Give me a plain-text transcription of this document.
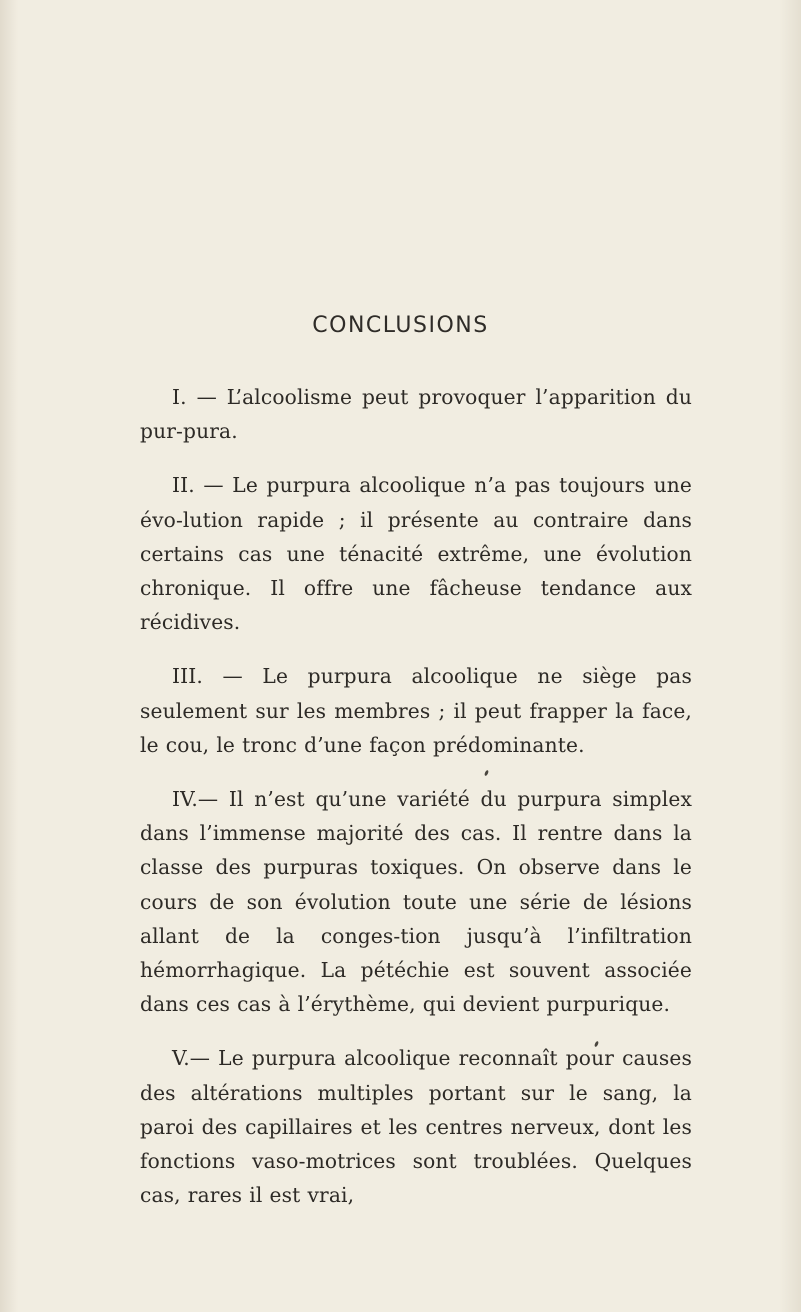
CONCLUSIONS

I. — L’alcoolisme peut provoquer l’apparition du pur-pura.

II. — Le purpura alcoolique n’a pas toujours une évo-lution rapide ; il présente au contraire dans certains cas une ténacité extrême, une évolution chronique. Il offre une fâcheuse tendance aux récidives.

III. — Le purpura alcoolique ne siège pas seulement sur les membres ; il peut frapper la face, le cou, le tronc d’une façon prédominante.

IV.— Il n’est qu’une variété du purpura simplex dans l’immense majorité des cas. Il rentre dans la classe des purpuras toxiques. On observe dans le cours de son évolution toute une série de lésions allant de la conges-tion jusqu’à l’infiltration hémorrhagique. La pétéchie est souvent associée dans ces cas à l’érythème, qui devient purpurique.

V.— Le purpura alcoolique reconnaît pour causes des altérations multiples portant sur le sang, la paroi des capillaires et les centres nerveux, dont les fonctions vaso-motrices sont troublées. Quelques cas, rares il est vrai,
